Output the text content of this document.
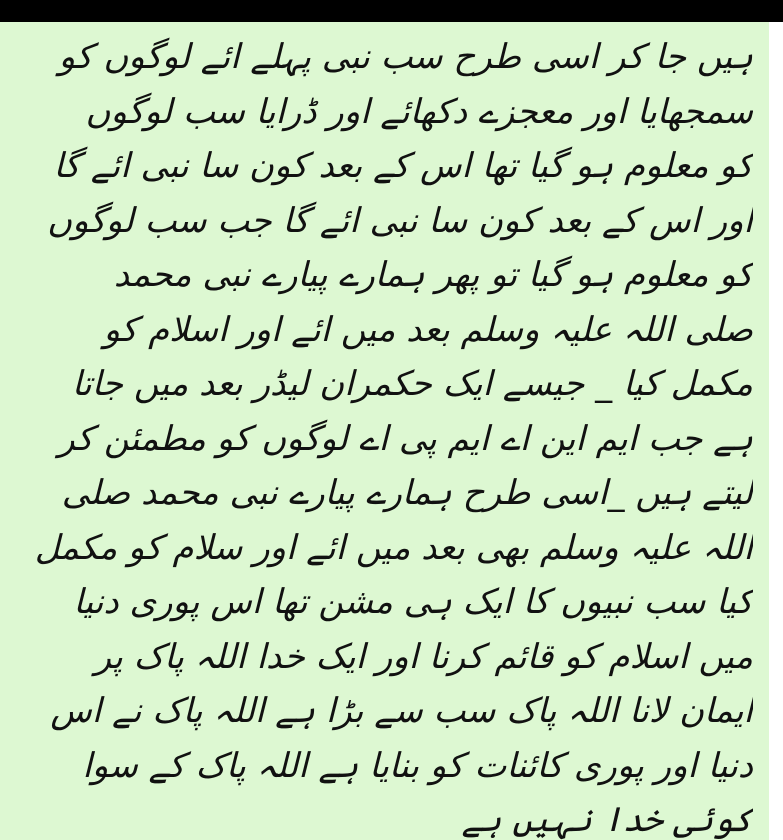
ہیں جا کر اسی طرح سب نبی پہلے ائے لوگوں کو
سمجھایا اور معجزے دکھائے اور ڈرایا سب لوگوں
کو معلوم ہو گیا تھا اس کے بعد کون سا نبی ائے گا
اور اس کے بعد کون سا نبی ائے گا جب سب لوگوں
کو معلوم ہو گیا تو پھر ہمارے پیارے نبی محمد
صلی اللہ علیہ وسلم بعد میں ائے اور اسلام کو
مکمل کیا _ جیسے ایک حکمران لیڈر بعد میں جاتا
ہے جب ایم این اے ایم پی اے لوگوں کو مطمئن کر
لیتے ہیں _اسی طرح ہمارے پیارے نبی محمد صلی
اللہ علیہ وسلم بھی بعد میں ائے اور سلام کو مکمل
کیا سب نبیوں کا ایک ہی مشن تھا اس پوری دنیا
میں اسلام کو قائم کرنا اور ایک خدا اللہ پاک پر
ایمان لانا اللہ پاک سب سے بڑا ہے اللہ پاک نے اس
دنیا اور پوری کائنات کو بنایا ہے اللہ پاک کے سوا
کوئی خدا نہیں ہے
